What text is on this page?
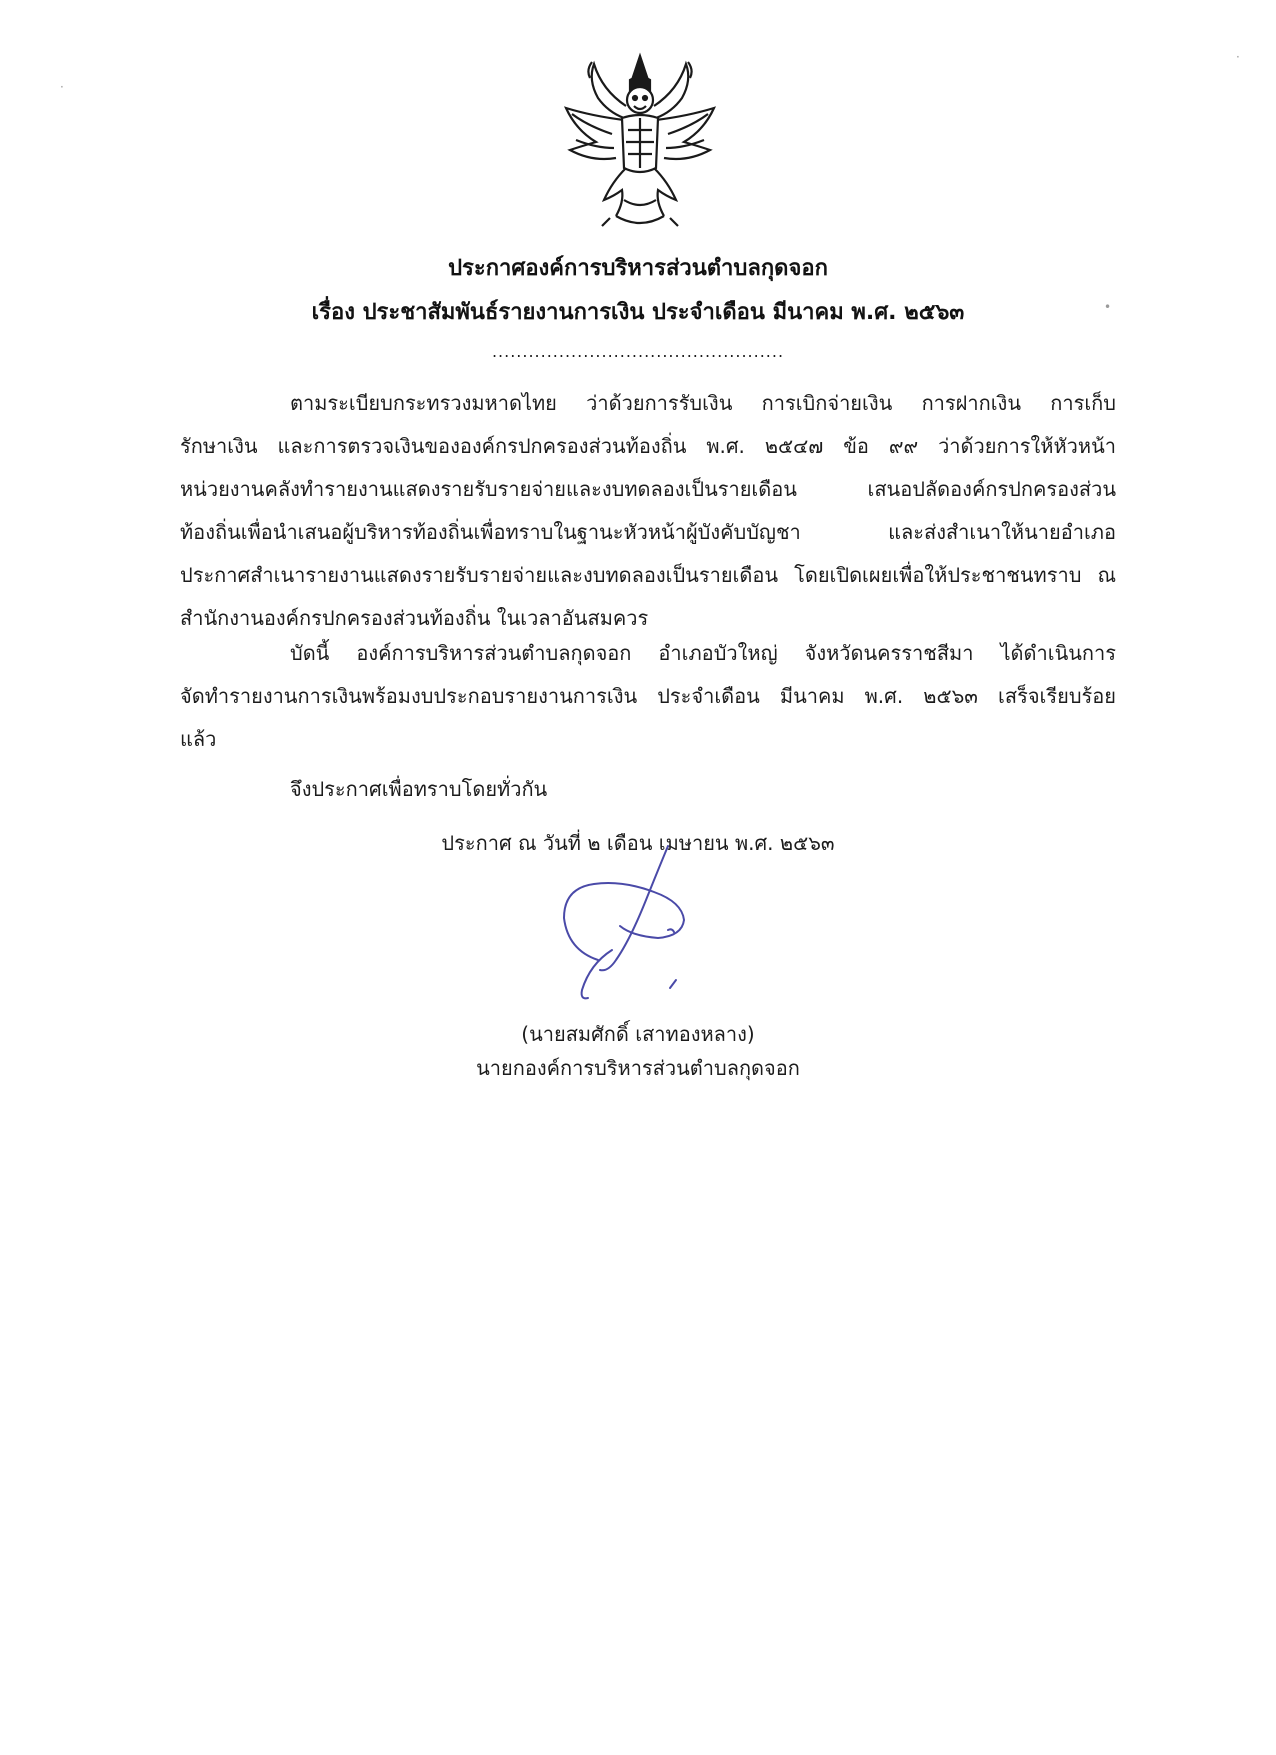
ประกาศองค์การบริหารส่วนตำบลกุดจอก
เรื่อง ประชาสัมพันธ์รายงานการเงิน ประจำเดือน มีนาคม พ.ศ. ๒๕๖๓
................................................
ตามระเบียบกระทรวงมหาดไทย ว่าด้วยการรับเงิน การเบิกจ่ายเงิน การฝากเงิน การเก็บ
รักษาเงิน และการตรวจเงินขององค์กรปกครองส่วนท้องถิ่น พ.ศ. ๒๕๔๗ ข้อ ๙๙ ว่าด้วยการให้หัวหน้า
หน่วยงานคลังทำรายงานแสดงรายรับรายจ่ายและงบทดลองเป็นรายเดือน เสนอปลัดองค์กรปกครองส่วน
ท้องถิ่นเพื่อนำเสนอผู้บริหารท้องถิ่นเพื่อทราบในฐานะหัวหน้าผู้บังคับบัญชา และส่งสำเนาให้นายอำเภอ
ประกาศสำเนารายงานแสดงรายรับรายจ่ายและงบทดลองเป็นรายเดือน โดยเปิดเผยเพื่อให้ประชาชนทราบ ณ
สำนักงานองค์กรปกครองส่วนท้องถิ่น ในเวลาอันสมควร
บัดนี้ องค์การบริหารส่วนตำบลกุดจอก อำเภอบัวใหญ่ จังหวัดนครราชสีมา ได้ดำเนินการ
จัดทำรายงานการเงินพร้อมงบประกอบรายงานการเงิน ประจำเดือน มีนาคม พ.ศ. ๒๕๖๓ เสร็จเรียบร้อย
แล้ว
จึงประกาศเพื่อทราบโดยทั่วกัน
ประกาศ ณ วันที่ ๒ เดือน เมษายน พ.ศ. ๒๕๖๓
(นายสมศักดิ์ เสาทองหลาง)
นายกองค์การบริหารส่วนตำบลกุดจอก
•
·
·
